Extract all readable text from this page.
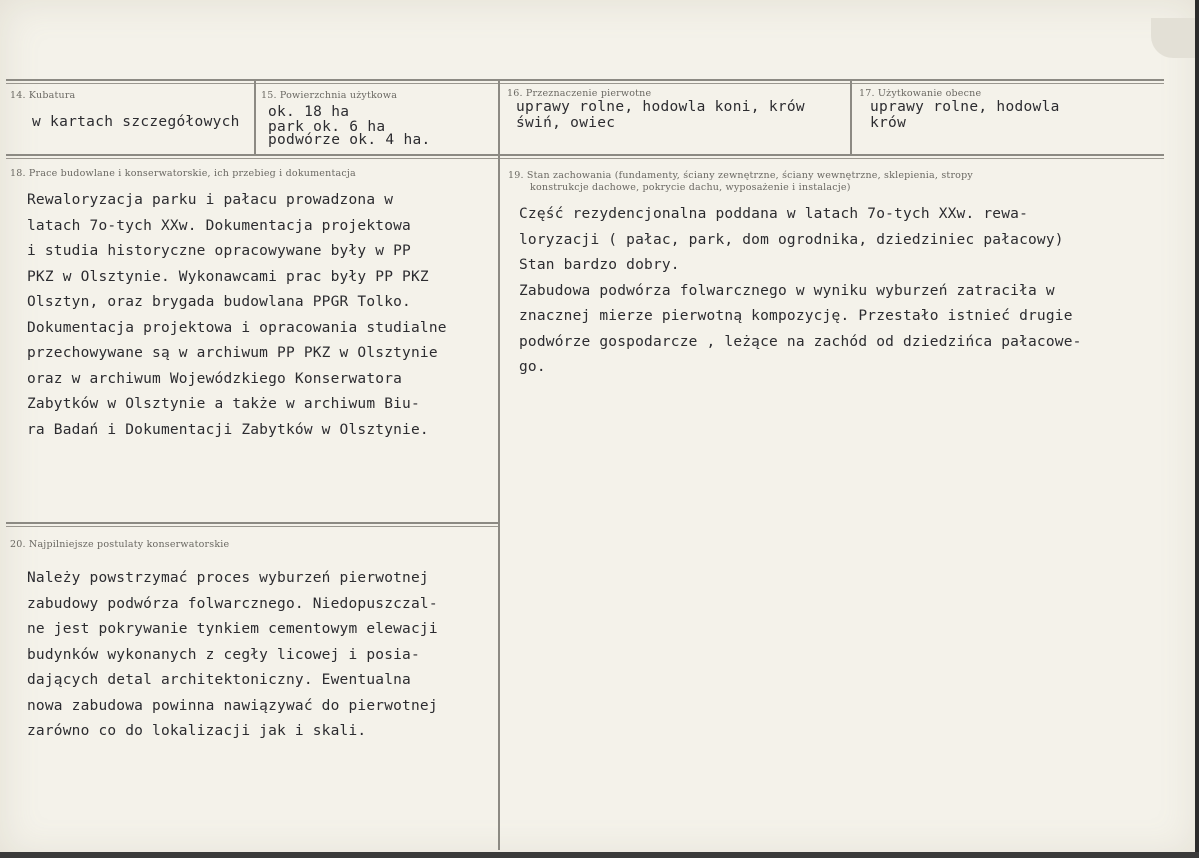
14. Kubatura
w kartach szczegółowych
15. Powierzchnia użytkowa
ok. 18 ha
park ok. 6 ha
podwórze ok. 4 ha.
16. Przeznaczenie pierwotne
uprawy rolne, hodowla koni, krów
świń, owiec
17. Użytkowanie obecne
uprawy rolne, hodowla
krów
18. Prace budowlane i konserwatorskie, ich przebieg i dokumentacja
Rewaloryzacja parku i pałacu prowadzona w
latach 7o-tych XXw. Dokumentacja projektowa
i studia historyczne opracowywane były w PP
PKZ w Olsztynie. Wykonawcami prac były PP PKZ
Olsztyn, oraz brygada budowlana PPGR Tolko.
Dokumentacja projektowa i opracowania studialne
przechowywane są w archiwum PP PKZ w Olsztynie
oraz w archiwum Wojewódzkiego Konserwatora
Zabytków w Olsztynie a także w archiwum Biu-
ra Badań i Dokumentacji Zabytków w Olsztynie.
19. Stan zachowania (fundamenty, ściany zewnętrzne, ściany wewnętrzne, sklepienia, stropy
konstrukcje dachowe, pokrycie dachu, wyposażenie i instalacje)
Część rezydencjonalna poddana w latach 7o-tych XXw. rewa-
loryzacji ( pałac, park, dom ogrodnika, dziedziniec pałacowy)
Stan bardzo dobry.
Zabudowa podwórza folwarcznego w wyniku wyburzeń zatraciła w
znacznej mierze pierwotną kompozycję. Przestało istnieć drugie
podwórze gospodarcze , leżące na zachód od dziedzińca pałacowe-
go.
20. Najpilniejsze postulaty konserwatorskie
Należy powstrzymać proces wyburzeń pierwotnej
zabudowy podwórza folwarcznego. Niedopuszczal-
ne jest pokrywanie tynkiem cementowym elewacji
budynków wykonanych z cegły licowej i posia-
dających detal architektoniczny. Ewentualna
nowa zabudowa powinna nawiązywać do pierwotnej
zarówno co do lokalizacji jak i skali.
